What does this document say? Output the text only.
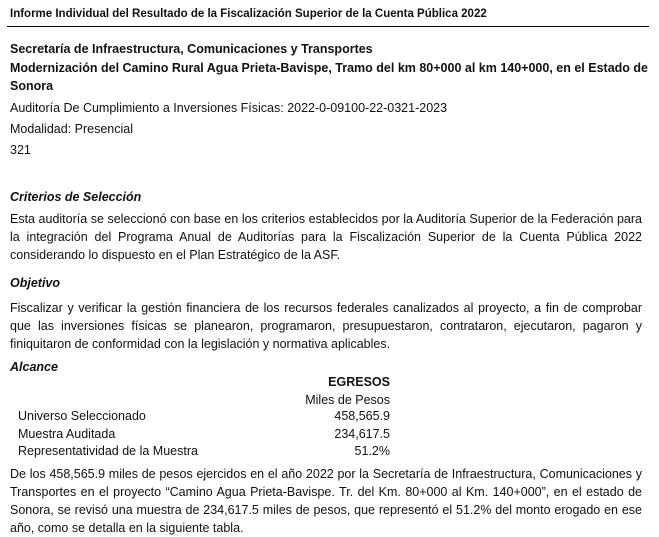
Informe Individual del Resultado de la Fiscalización Superior de la Cuenta Pública 2022
Secretaría de Infraestructura, Comunicaciones y Transportes
Modernización del Camino Rural Agua Prieta-Bavispe, Tramo del km 80+000 al km 140+000, en el Estado de
Sonora
Auditoría De Cumplimiento a Inversiones Físicas: 2022-0-09100-22-0321-2023
Modalidad: Presencial
321
Criterios de Selección
Esta auditoría se seleccionó con base en los criterios establecidos por la Auditoría Superior de la Federación para la integración del Programa Anual de Auditorías para la Fiscalización Superior de la Cuenta Pública 2022 considerando lo dispuesto en el Plan Estratégico de la ASF.
Objetivo
Fiscalizar y verificar la gestión financiera de los recursos federales canalizados al proyecto, a fin de comprobar que las inversiones físicas se planearon, programaron, presupuestaron, contrataron, ejecutaron, pagaron y finiquitaron de conformidad con la legislación y normativa aplicables.
Alcance
EGRESOS
Miles de Pesos
Universo Seleccionado	458,565.9
Muestra Auditada	234,617.5
Representatividad de la Muestra	51.2%
De los 458,565.9 miles de pesos ejercidos en el año 2022 por la Secretaría de Infraestructura, Comunicaciones y Transportes en el proyecto “Camino Agua Prieta-Bavispe. Tr. del Km. 80+000 al Km. 140+000”, en el estado de Sonora, se revisó una muestra de 234,617.5 miles de pesos, que representó el 51.2% del monto erogado en ese año, como se detalla en la siguiente tabla.
